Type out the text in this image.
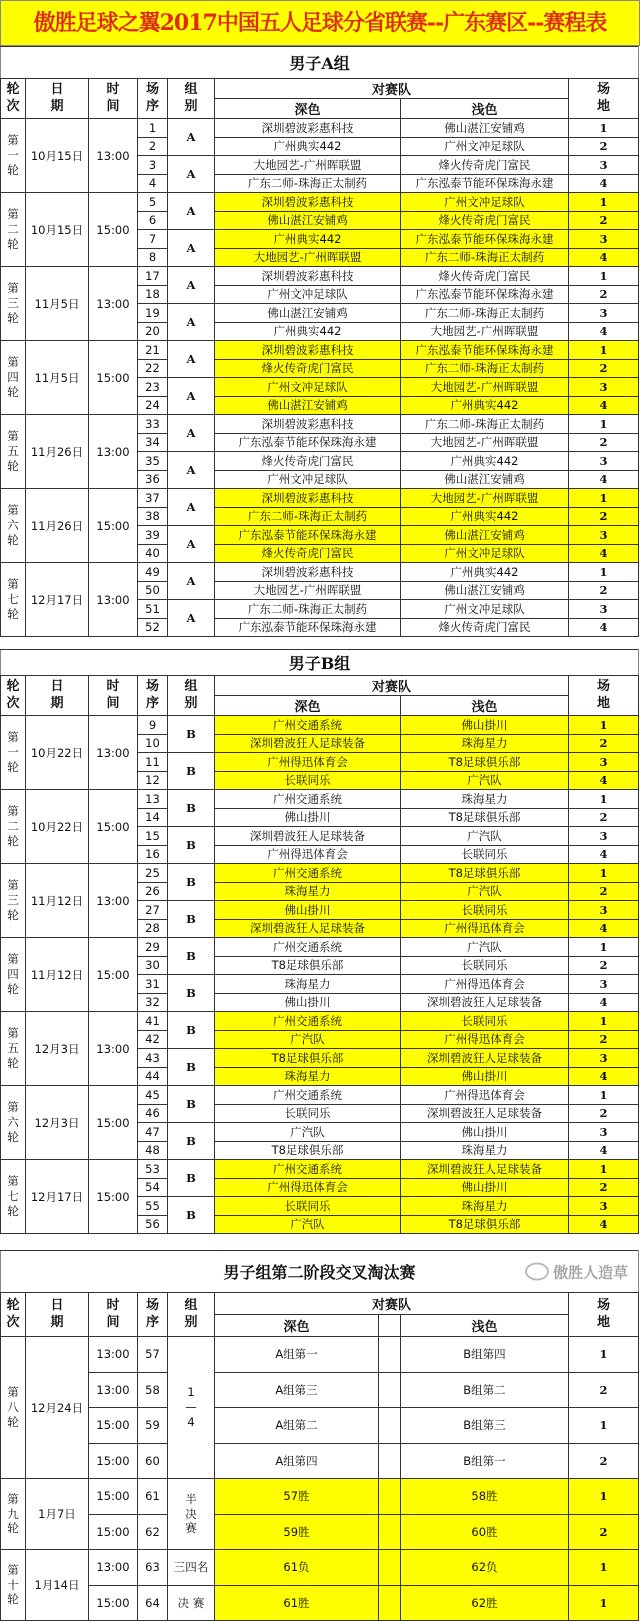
傲胜足球之翼2017中国五人足球分省联赛--广东赛区--赛程表
男子A组							
轮次	日期	时间	场序	组别	对赛队		场地
					深色	浅色	
第一轮	10月15日	13:00	1	A	深圳碧波彩惠科技	佛山湛江安铺鸡	1
			2		广州典实442	广州文冲足球队	2
			3	A	大地园艺-广州晖联盟	烽火传奇虎门富民	3
			4		广东二师-珠海正太制药	广东泓泰节能环保珠海永建	4
第二轮	10月15日	15:00	5	A	深圳碧波彩惠科技	广州文冲足球队	1
			6		佛山湛江安铺鸡	烽火传奇虎门富民	2
			7	A	广州典实442	广东泓泰节能环保珠海永建	3
			8		大地园艺-广州晖联盟	广东二师-珠海正太制药	4
第三轮	11月5日	13:00	17	A	深圳碧波彩惠科技	烽火传奇虎门富民	1
			18		广州文冲足球队	广东泓泰节能环保珠海永建	2
			19	A	佛山湛江安铺鸡	广东二师-珠海正太制药	3
			20		广州典实442	大地园艺-广州晖联盟	4
第四轮	11月5日	15:00	21	A	深圳碧波彩惠科技	广东泓泰节能环保珠海永建	1
			22		烽火传奇虎门富民	广东二师-珠海正太制药	2
			23	A	广州文冲足球队	大地园艺-广州晖联盟	3
			24		佛山湛江安铺鸡	广州典实442	4
第五轮	11月26日	13:00	33	A	深圳碧波彩惠科技	广东二师-珠海正太制药	1
			34		广东泓泰节能环保珠海永建	大地园艺-广州晖联盟	2
			35	A	烽火传奇虎门富民	广州典实442	3
			36		广州文冲足球队	佛山湛江安铺鸡	4
第六轮	11月26日	15:00	37	A	深圳碧波彩惠科技	大地园艺-广州晖联盟	1
			38		广东二师-珠海正太制药	广州典实442	2
			39	A	广东泓泰节能环保珠海永建	佛山湛江安铺鸡	3
			40		烽火传奇虎门富民	广州文冲足球队	4
第七轮	12月17日	13:00	49	A	深圳碧波彩惠科技	广州典实442	1
			50		大地园艺-广州晖联盟	佛山湛江安铺鸡	2
			51	A	广东二师-珠海正太制药	广州文冲足球队	3
			52		广东泓泰节能环保珠海永建	烽火传奇虎门富民	4
男子B组							
轮次	日期	时间	场序	组别	对赛队		场地
					深色	浅色	
第一轮	10月22日	13:00	9	B	广州交通系统	佛山掛川	1
			10		深圳碧波狂人足球装备	珠海星力	2
			11	B	广州得迅体育会	T8足球俱乐部	3
			12		长联同乐	广汽队	4
第二轮	10月22日	15:00	13	B	广州交通系统	珠海星力	1
			14		佛山掛川	T8足球俱乐部	2
			15	B	深圳碧波狂人足球装备	广汽队	3
			16		广州得迅体育会	长联同乐	4
第三轮	11月12日	13:00	25	B	广州交通系统	T8足球俱乐部	1
			26		珠海星力	广汽队	2
			27	B	佛山掛川	长联同乐	3
			28		深圳碧波狂人足球装备	广州得迅体育会	4
第四轮	11月12日	15:00	29	B	广州交通系统	广汽队	1
			30		T8足球俱乐部	长联同乐	2
			31	B	珠海星力	广州得迅体育会	3
			32		佛山掛川	深圳碧波狂人足球装备	4
第五轮	12月3日	13:00	41	B	广州交通系统	长联同乐	1
			42		广汽队	广州得迅体育会	2
			43	B	T8足球俱乐部	深圳碧波狂人足球装备	3
			44		珠海星力	佛山掛川	4
第六轮	12月3日	15:00	45	B	广州交通系统	广州得迅体育会	1
			46		长联同乐	深圳碧波狂人足球装备	2
			47	B	广汽队	佛山掛川	3
			48		T8足球俱乐部	珠海星力	4
第七轮	12月17日	15:00	53	B	广州交通系统	深圳碧波狂人足球装备	1
			54		广州得迅体育会	佛山掛川	2
			55	B	长联同乐	珠海星力	3
			56		广汽队	T8足球俱乐部	4
男子组第二阶段交叉淘汰赛 傲胜人造草								

轮次	日期	时间	场序	组别	对赛队			场地
					深色		浅色	
第八轮	12月24日	13:00	57	1—4	A组第一		B组第四	1
		13:00	58		A组第三		B组第二	2
		15:00	59		A组第二		B组第三	1
		15:00	60		A组第四		B组第一	2
第九轮	1月7日	15:00	61	半决赛	57胜		58胜	1
		15:00	62		59胜		60胜	2
第十轮	1月14日	13:00	63	三四名	61负		62负	1
		15:00	64	决 赛	61胜		62胜	1
